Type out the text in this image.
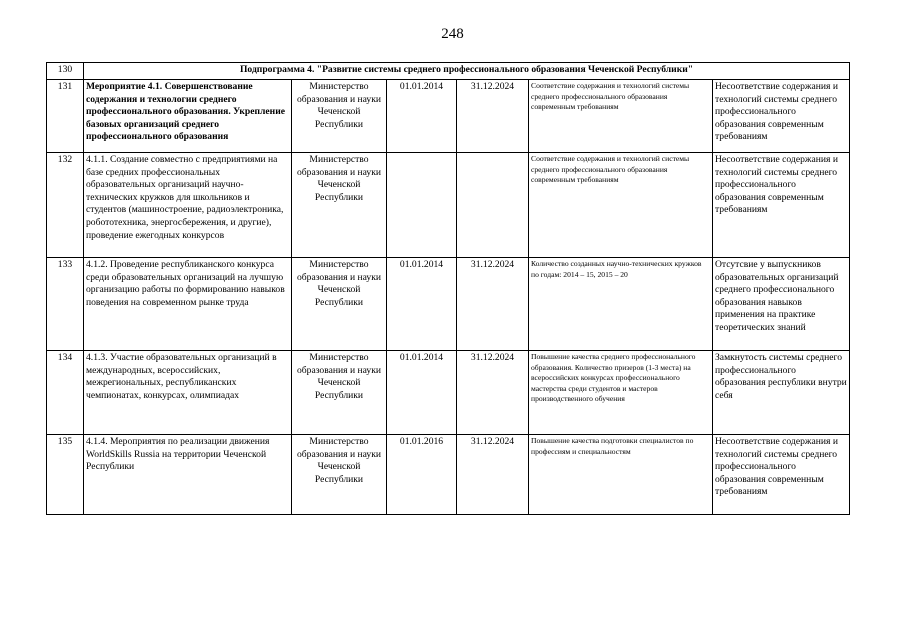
248
130	Подпрограмма 4. "Развитие системы среднего профессионального образования Чеченской Республики"					
131	Мероприятие 4.1. Совершенствование содержания и технологии среднего профессионального образования. Укрепление базовых организаций среднего профессионального образования	Министерство образования и науки Чеченской Республики	01.01.2014	31.12.2024	Соответствие содержания и технологий системы среднего профессионального образования современным требованиям	Несоответствие содержания и технологий системы среднего профессионального образования современным требованиям
132	4.1.1. Создание совместно с предприятиями на базе средних профессиональных образовательных организаций научно-технических кружков для школьников и студентов (машиностроение, радиоэлектроника, робототехника, энергосбережения, и другие), проведение ежегодных конкурсов	Министерство образования и науки Чеченской Республики			Соответствие содержания и технологий системы среднего профессионального образования современным требованиям	Несоответствие содержания и технологий системы среднего профессионального образования современным требованиям
133	4.1.2. Проведение республиканского конкурса среди образовательных организаций на лучшую организацию работы по формированию навыков поведения на современном рынке труда	Министерство образования и науки Чеченской Республики	01.01.2014	31.12.2024	Количество созданных научно-технических кружков по годам: 2014 – 15, 2015 – 20	Отсутсвие у выпускников образовательных организаций среднего профессионального образования навыков применения на практике теоретических знаний
134	4.1.3. Участие образовательных организаций в международных, всероссийских, межрегиональных, республиканских чемпионатах, конкурсах, олимпиадах	Министерство образования и науки Чеченской Республики	01.01.2014	31.12.2024	Повышение качества среднего профессионального образования. Количество призеров (1-3 места) на всероссийских конкурсах профессионального мастерства среди студентов и мастеров производственного обучения	Замкнутость системы среднего профессионального образования республики внутри себя
135	4.1.4. Мероприятия по реализации движения WorldSkills Russia на территории Чеченской Республики	Министерство образования и науки Чеченской Республики	01.01.2016	31.12.2024	Повышение качества подготовки специалистов по профессиям и специальностям	Несоответствие содержания и технологий системы среднего профессионального образования современным требованиям
